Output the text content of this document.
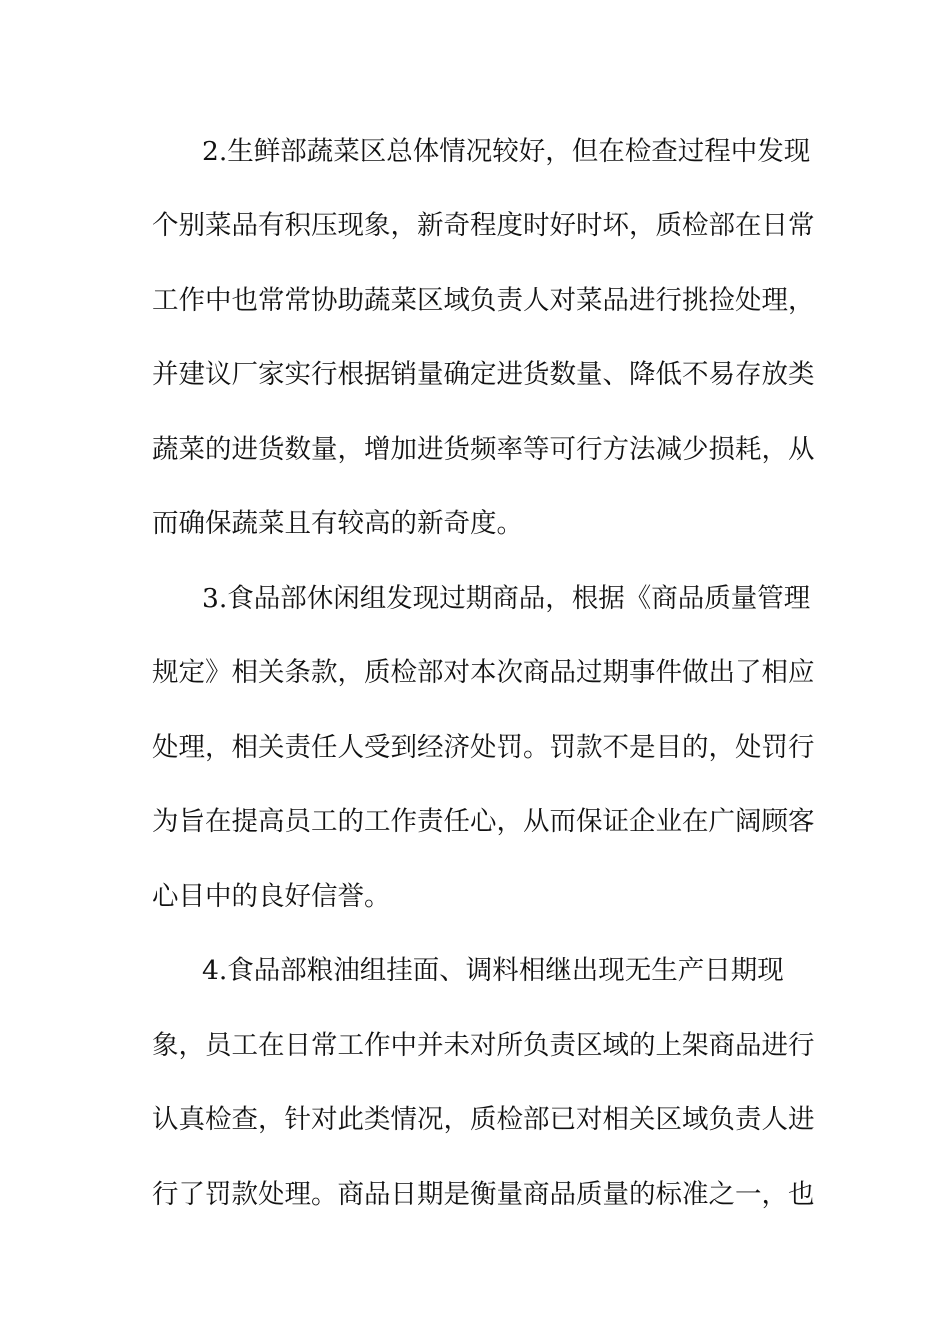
2.生鲜部蔬菜区总体情况较好，但在检查过程中发现
个别菜品有积压现象，新奇程度时好时坏，质检部在日常
工作中也常常协助蔬菜区域负责人对菜品进行挑捡处理，
并建议厂家实行根据销量确定进货数量、降低不易存放类
蔬菜的进货数量，增加进货频率等可行方法减少损耗，从
而确保蔬菜且有较高的新奇度。
3.食品部休闲组发现过期商品，根据《商品质量管理
规定》相关条款，质检部对本次商品过期事件做出了相应
处理，相关责任人受到经济处罚。罚款不是目的，处罚行
为旨在提高员工的工作责任心，从而保证企业在广阔顾客
心目中的良好信誉。
4.食品部粮油组挂面、调料相继出现无生产日期现
象，员工在日常工作中并未对所负责区域的上架商品进行
认真检查，针对此类情况，质检部已对相关区域负责人进
行了罚款处理。商品日期是衡量商品质量的标准之一，也
